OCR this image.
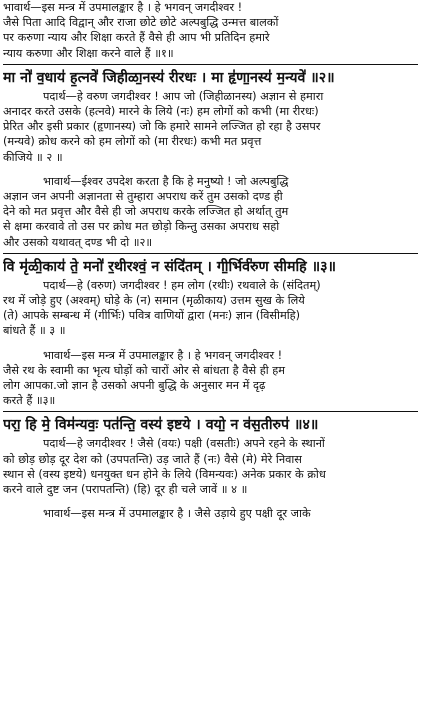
भावार्थ—इस मन्त्र में उपमालङ्कार है । हे भगवन् जगदीश्वर !
जैसे पिता आदि विद्वान् और राजा छोटे छोटे अल्पबुद्धि उन्मत्त बालकों
पर करुणा न्याय और शिक्षा करते हैं वैसे ही आप भी प्रतिदिन हमारे
न्याय करुणा और शिक्षा करने वाले हैं ॥१॥
मा नो॑ व॒धाय॑ ह॒त्नवे॑ जिहीळा॒नस्य॑ रीरधः । मा हृ॑णा॒नस्य॑ म॒न्यवे॑ ॥२॥
पदार्थ—हे वरुण जगदीश्वर ! आप जो (जिहीळानस्य) अज्ञान से हमारा
अनादर करते उसके (हत्नवे) मारने के लिये (नः) हम लोगों को कभी (मा रीरधः)
प्रेरित और इसी प्रकार (हृणानस्य) जो कि हमारे सामने लज्जित हो रहा है उसपर
(मन्यवे) क्रोध करने को हम लोगों को (मा रीरधः) कभी मत प्रवृत्त
कीजिये ॥ २ ॥
भावार्थ—ईश्वर उपदेश करता है कि हे मनुष्यो ! जो अल्पबुद्धि
अज्ञान जन अपनी अज्ञानता से तुम्हारा अपराध करें तुम उसको दण्ड ही
देने को मत प्रवृत्त और वैसे ही जो अपराध करके लज्जित हो अर्थात् तुम
से क्षमा करवावे तो उस पर क्रोध मत छोड़ो किन्तु उसका अपराध सहो
और उसको यथावत् दण्ड भी दो ॥२॥
वि मृ॑ळी॒काय॑ ते॒ मनो॑ र॒थीरश्वं॒ न संदि॑तम् । गी॒र्भिर्व॑रुण सीमहि ॥३॥
पदार्थ—हे (वरुण) जगदीश्वर ! हम लोग (रथीः) रथवाले के (संदितम्)
रथ में जोड़े हुए (अश्वम्) घोड़े के (न) समान (मृळीकाय) उत्तम सुख के लिये
(ते) आपके सम्बन्ध में (गीर्भिः) पवित्र वाणियों द्वारा (मनः) ज्ञान (विसीमहि)
बांधते हैं ॥ ३ ॥
भावार्थ—इस मन्त्र में उपमालङ्कार है । हे भगवन् जगदीश्वर !
जैसे रथ के स्वामी का भृत्य घोड़ों को चारों ओर से बांधता है वैसे ही हम
लोग आपका.जो ज्ञान है उसको अपनी बुद्धि के अनुसार मन में दृढ़
करते हैं ॥३॥
परा॒ हि मे॒ विम॑न्यवः॒ पत॑न्ति॒ वस्य॑ इष्टये । वयो॒ न व॑स॒तीरुप॑ ॥४॥
पदार्थ—हे जगदीश्वर ! जैसे (वयः) पक्षी (वसतीः) अपने रहने के स्थानों
को छोड़ छोड़ दूर देश को (उपपतन्ति) उड़ जाते हैं (नः) वैसे (मे) मेरे निवास
स्थान से (वस्य इष्टये) धनयुक्त धन होने के लिये (विमन्यवः) अनेक प्रकार के क्रोध
करने वाले दुष्ट जन (परापतन्ति) (हि) दूर ही चले जावें ॥ ४ ॥
भावार्थ—इस मन्त्र में उपमालङ्कार है । जैसे उड़ाये हुए पक्षी दूर जाके
